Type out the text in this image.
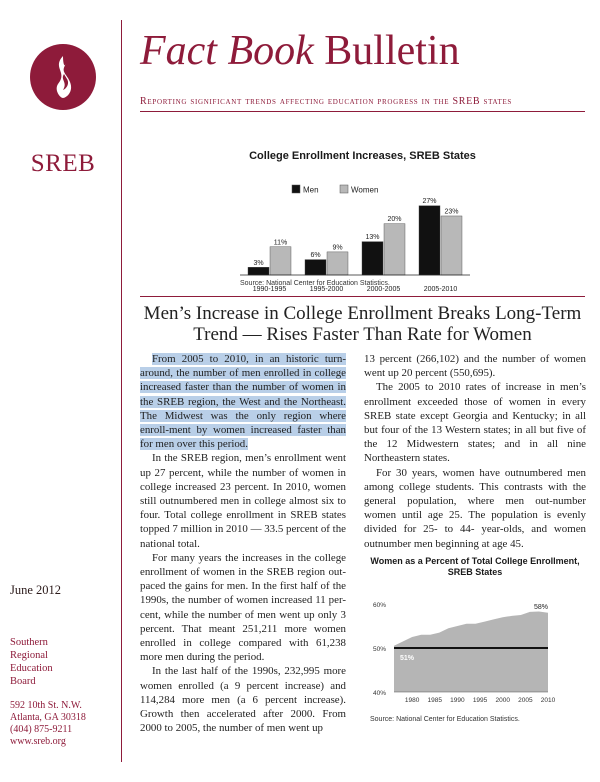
SREB
June 2012
Southern
Regional
Education
Board
592 10th St. N.W.
Atlanta, GA 30318
(404) 875-9211
www.sreb.org
Fact Book Bulletin
Reporting significant trends affecting education progress in the SREB states
College Enrollment Increases, SREB States
Men	Women
3%
11%
1990-1995
6%
9%
1995-2000
13%
20%
2000-2005
27%
23%
2005-2010
Source: National Center for Education Statistics.
Men’s Increase in College Enrollment Breaks Long-Term Trend — Rises Faster Than Rate for Women

From 2005 to 2010, in an historic turn-around, the number of men enrolled in college increased faster than the number of women in the SREB region, the West and the Northeast. The Midwest was the only region where enroll-ment by women increased faster than for men over this period.

In the SREB region, men’s enrollment went up 27 percent, while the number of women in college increased 23 percent. In 2010, women still outnumbered men in college almost six to four. Total college enrollment in SREB states topped 7 million in 2010 — 33.5 percent of the national total.

For many years the increases in the college enrollment of women in the SREB region out-paced the gains for men. In the first half of the 1990s, the number of women increased 11 per-cent, while the number of men went up only 3 percent. That meant 251,211 more women enrolled in college compared with 61,238 more men during the period.

In the last half of the 1990s, 232,995 more women enrolled (a 9 percent increase) and 114,284 more men (a 6 percent increase). Growth then accelerated after 2000. From 2000 to 2005, the number of men went up

13 percent (266,102) and the number of women went up 20 percent (550,695).

The 2005 to 2010 rates of increase in men’s enrollment exceeded those of women in every SREB state except Georgia and Kentucky; in all but four of the 13 Western states; in all but five of the 12 Midwestern states; and in all nine Northeastern states.

For 30 years, women have outnumbered men among college students. This contrasts with the general population, where men out-number women until age 25. The population is evenly divided for 25- to 44- year-olds, and women outnumber men beginning at age 45.

Women as a Percent of Total College Enrollment, SREB States
60%
50%
40%
1980 1985 1990 1995 2000 2005 2010
51%
58%
Source: National Center for Education Statistics.
